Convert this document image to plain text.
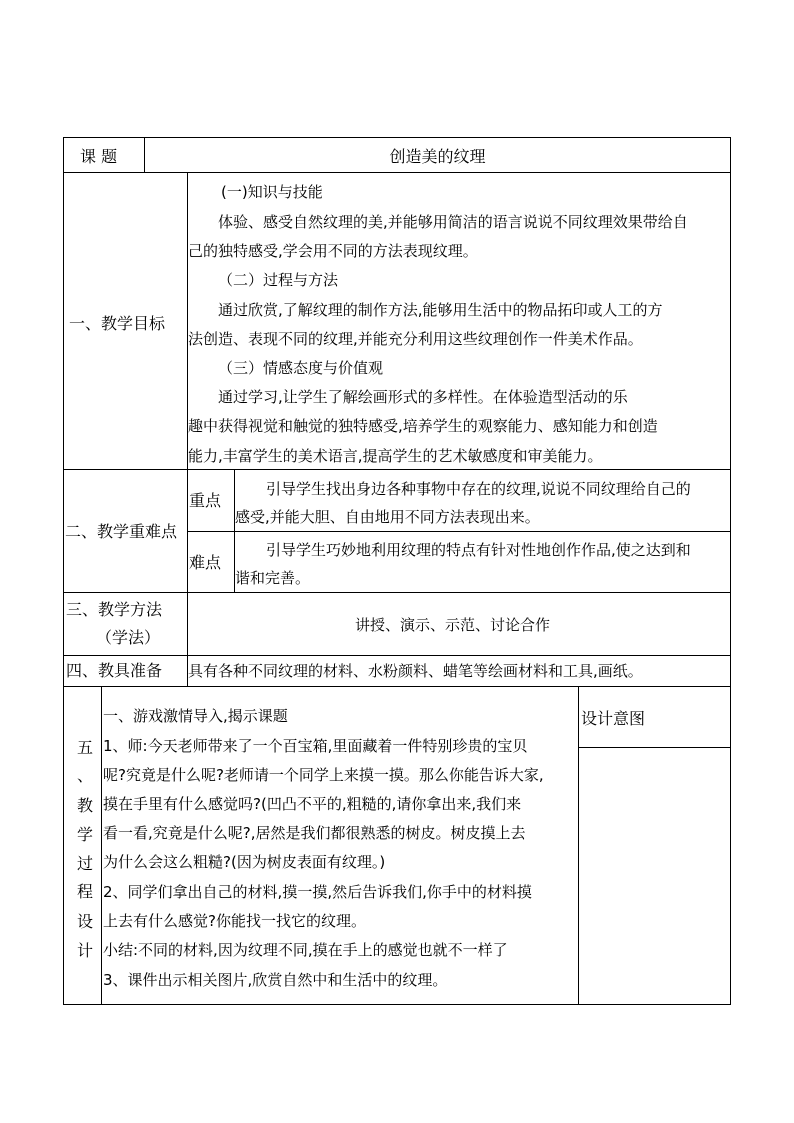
课 题	创造美的纹理
一、教学目标
(一)知识与技能
体验、感受自然纹理的美,并能够用简洁的语言说说不同纹理效果带给自
己的独特感受,学会用不同的方法表现纹理。
（二）过程与方法
通过欣赏,了解纹理的制作方法,能够用生活中的物品拓印或人工的方
法创造、表现不同的纹理,并能充分利用这些纹理创作一件美术作品。
（三）情感态度与价值观
通过学习,让学生了解绘画形式的多样性。在体验造型活动的乐
趣中获得视觉和触觉的独特感受,培养学生的观察能力、感知能力和创造
能力,丰富学生的美术语言,提高学生的艺术敏感度和审美能力。
二、教学重难点
重点
引导学生找出身边各种事物中存在的纹理,说说不同纹理给自己的
感受,并能大胆、自由地用不同方法表现出来。
难点
引导学生巧妙地利用纹理的特点有针对性地创作作品,使之达到和
谐和完善。
三、教学方法
（学法）
讲授、演示、示范、讨论合作
四、教具准备 具有各种不同纹理的材料、水粉颜料、蜡笔等绘画材料和工具,画纸。
五
、
教
学
过
程
设
计
设计意图
一、游戏激情导入,揭示课题
1、师:今天老师带来了一个百宝箱,里面藏着一件特别珍贵的宝贝
呢?究竟是什么呢?老师请一个同学上来摸一摸。那么你能告诉大家,
摸在手里有什么感觉吗?(凹凸不平的,粗糙的,请你拿出来,我们来
看一看,究竟是什么呢?,居然是我们都很熟悉的树皮。树皮摸上去
为什么会这么粗糙?(因为树皮表面有纹理。)
2、同学们拿出自己的材料,摸一摸,然后告诉我们,你手中的材料摸
上去有什么感觉?你能找一找它的纹理。
小结:不同的材料,因为纹理不同,摸在手上的感觉也就不一样了
3、课件出示相关图片,欣赏自然中和生活中的纹理。
